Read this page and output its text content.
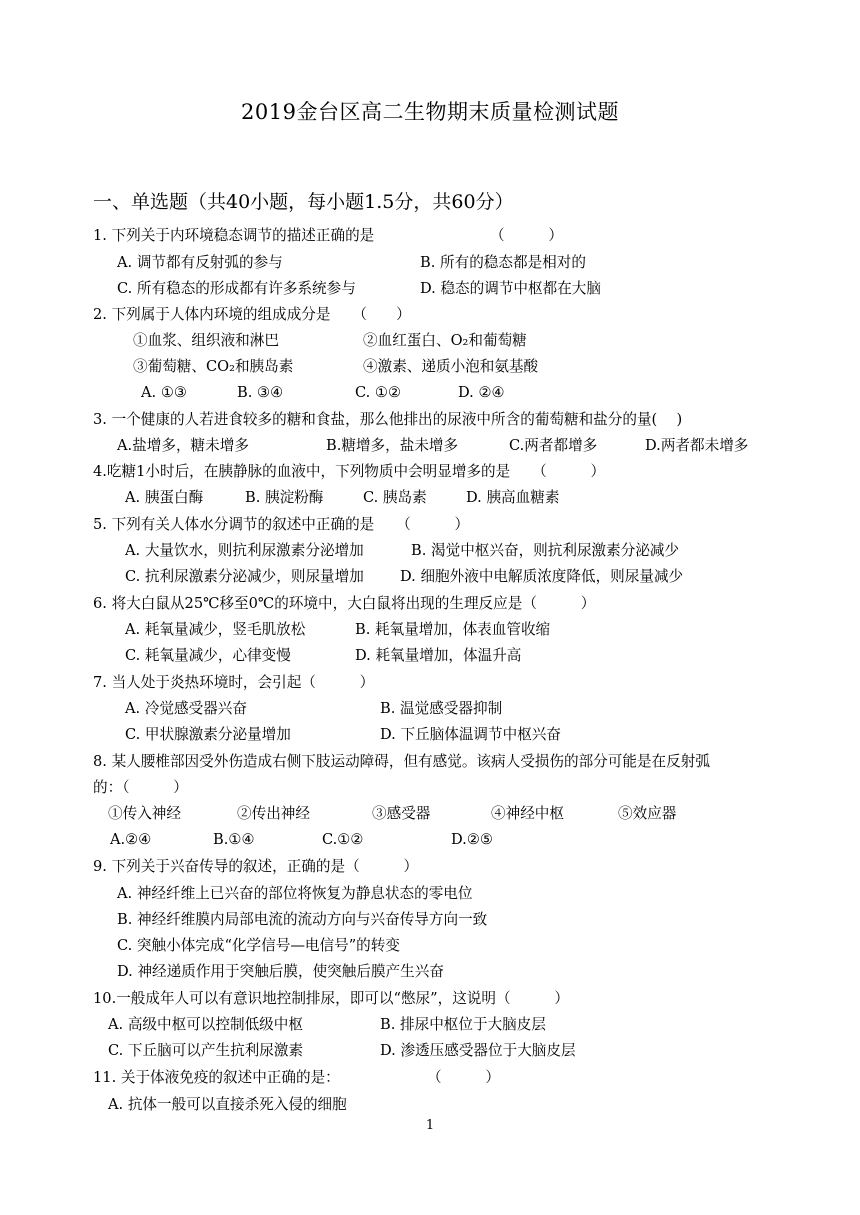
2019金台区高二生物期末质量检测试题
一、单选题（共40小题，每小题1.5分，共60分）
1. 下列关于内环境稳态调节的描述正确的是	（　　　）
A. 调节都有反射弧的参与	B. 所有的稳态都是相对的
C. 所有稳态的形成都有许多系统参与	D. 稳态的调节中枢都在大脑
2. 下列属于人体内环境的组成成分是　　（　　）
①血浆、组织液和淋巴	②血红蛋白、O₂和葡萄糖
③葡萄糖、CO₂和胰岛素	④激素、递质小泡和氨基酸
A. ①③	B. ③④	C. ①②	D. ②④
3. 一个健康的人若进食较多的糖和食盐，那么他排出的尿液中所含的葡萄糖和盐分的量(　 )
A.盐增多，糖未增多	B.糖增多，盐未增多	C.两者都增多	D.两者都未增多
4.吃糖1小时后，在胰静脉的血液中，下列物质中会明显增多的是　　（　　　）
A. 胰蛋白酶	B. 胰淀粉酶	C. 胰岛素	D. 胰高血糖素
5. 下列有关人体水分调节的叙述中正确的是　　（　　　）
A. 大量饮水，则抗利尿激素分泌增加	B. 渴觉中枢兴奋，则抗利尿激素分泌减少
C. 抗利尿激素分泌减少，则尿量增加 D. 细胞外液中电解质浓度降低，则尿量减少
6. 将大白鼠从25℃移至0℃的环境中，大白鼠将出现的生理反应是（　　　）
A. 耗氧量减少，竖毛肌放松	B. 耗氧量增加，体表血管收缩
C. 耗氧量减少，心律变慢	D. 耗氧量增加，体温升高
7. 当人处于炎热环境时，会引起（　　　）
A. 冷觉感受器兴奋	B. 温觉感受器抑制
C. 甲状腺激素分泌量增加	D. 下丘脑体温调节中枢兴奋
8. 某人腰椎部因受外伤造成右侧下肢运动障碍，但有感觉。该病人受损伤的部分可能是在反射弧
的：（　　　）
①传入神经	②传出神经	③感受器	④神经中枢	⑤效应器
A.②④	B.①④	C.①②	D.②⑤
9. 下列关于兴奋传导的叙述，正确的是（　　　）
A. 神经纤维上已兴奋的部位将恢复为静息状态的零电位
B. 神经纤维膜内局部电流的流动方向与兴奋传导方向一致
C. 突触小体完成“化学信号—电信号”的转变
D. 神经递质作用于突触后膜，使突触后膜产生兴奋
10.一般成年人可以有意识地控制排尿，即可以“憋尿”，这说明（　　　）
A. 高级中枢可以控制低级中枢	B. 排尿中枢位于大脑皮层
C. 下丘脑可以产生抗利尿激素	D. 渗透压感受器位于大脑皮层
11. 关于体液免疫的叙述中正确的是：	（　　　）
A. 抗体一般可以直接杀死入侵的细胞
1
